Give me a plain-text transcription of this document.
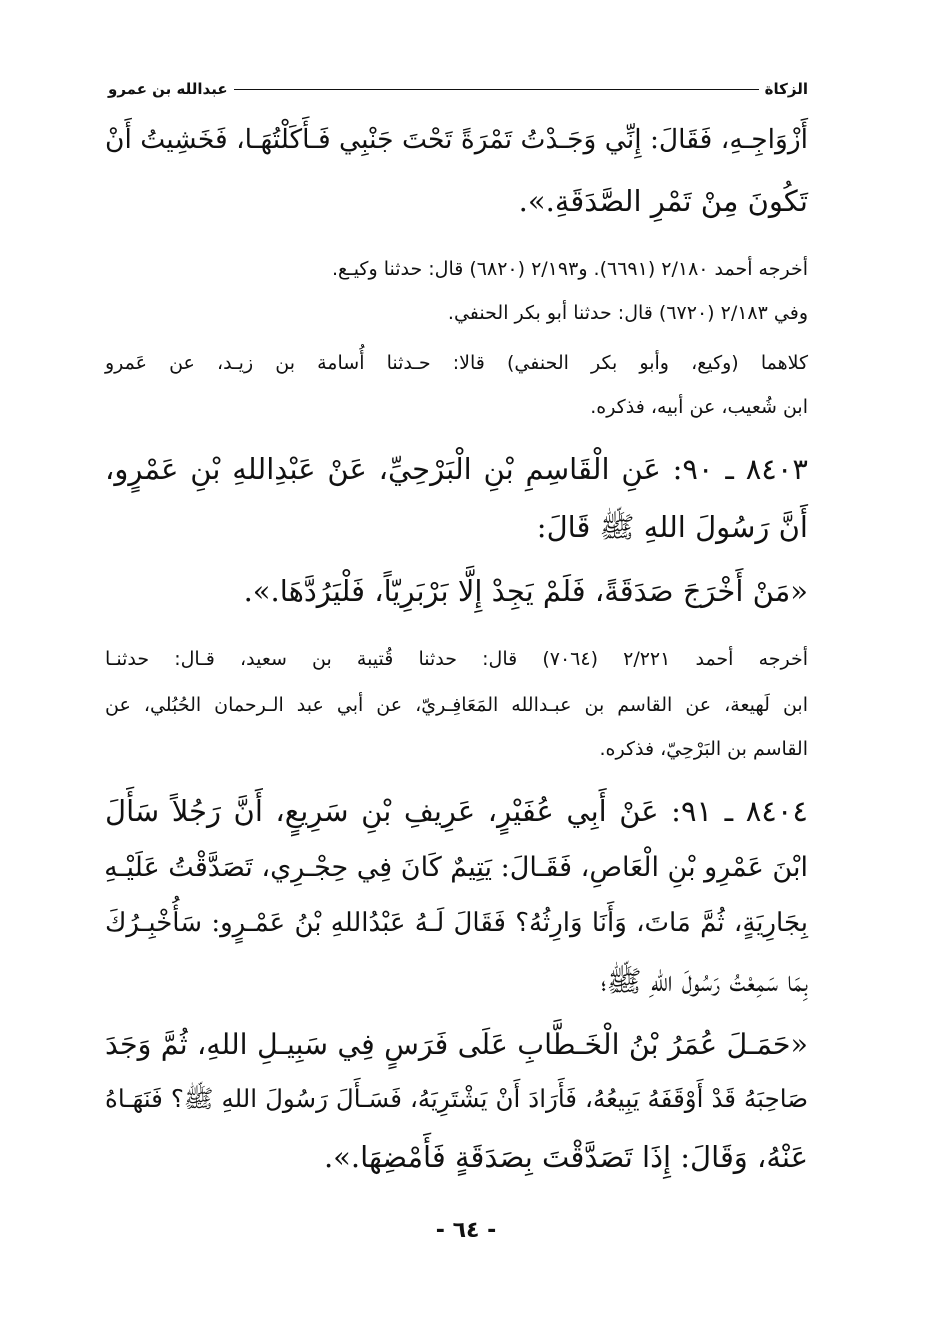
الزكاة
عبدالله بن عمرو
أَزْوَاجِـهِ، فَقَالَ: إِنِّي وَجَـدْتُ تَمْرَةً تَحْتَ جَنْبِي فَـأَكَلْتُهَـا، فَخَشِيتُ أَنْ
تَكُونَ مِنْ تَمْرِ الصَّدَقَةِ.».
أخرجه أحمد ٢/١٨٠ (٦٦٩١). و٢/١٩٣ (٦٨٢٠) قال: حدثنا وكيـع.
وفي ٢/١٨٣ (٦٧٢٠) قال: حدثنا أبو بكر الحنفي.
كلاهما (وكيع، وأبو بكر الحنفي) قالا: حـدثنا أُسامة بن زيـد، عن عَمرو
ابن شُعيب، عن أبيه، فذكره.
٨٤٠٣ ـ ٩٠: عَنِ الْقَاسِمِ بْنِ الْبَرْحِيِّ، عَنْ عَبْدِاللهِ بْنِ عَمْرٍو،
أَنَّ رَسُولَ اللهِ ﷺ قَالَ:
«مَنْ أَخْرَجَ صَدَقَةً، فَلَمْ يَجِدْ إِلَّا بَرْبَرِيّاً، فَلْيَرُدَّهَا.».
أخرجه أحمد ٢/٢٢١ (٧٠٦٤) قال: حدثنا قُتيبة بن سعيد، قـال: حدثنـا
ابن لَهيعة، عن القاسم بن عبـدالله المَعَافِـريّ، عن أبي عبد الـرحمان الحُبُلي، عن
القاسم بن البَرْحِيّ، فذكره.
٨٤٠٤ ـ ٩١: عَنْ أَبِي عُفَيْرٍ، عَرِيفِ بْنِ سَرِيعٍ، أَنَّ رَجُلاً سَأَلَ
ابْنَ عَمْرِو بْنِ الْعَاصِ، فَقَـالَ: يَتِيمٌ كَانَ فِي حِجْـرِي، تَصَدَّقْتُ عَلَيْـهِ
بِجَارِيَةٍ، ثُمَّ مَاتَ، وَأَنَا وَارِثُهُ؟ فَقَالَ لَـهُ عَبْدُاللهِ بْنُ عَمْـرٍو: سَأُخْبِـرُكَ
بِمَا سَمِعْتُ رَسُولَ اللهِ ﷺ؛
«حَمَـلَ عُمَرُ بْنُ الْخَـطَّابِ عَلَى فَرَسٍ فِي سَبِيـلِ اللهِ، ثُمَّ وَجَدَ
صَاحِبَهُ قَدْ أَوْقَفَهُ يَبِيعُهُ، فَأَرَادَ أَنْ يَشْتَرِيَهُ، فَسَـأَلَ رَسُولَ اللهِ ﷺ؟ فَنَهَـاهُ
عَنْهُ، وَقَالَ: إِذَا تَصَدَّقْتَ بِصَدَقَةٍ فَأَمْضِهَا.».
- ٦٤ -
